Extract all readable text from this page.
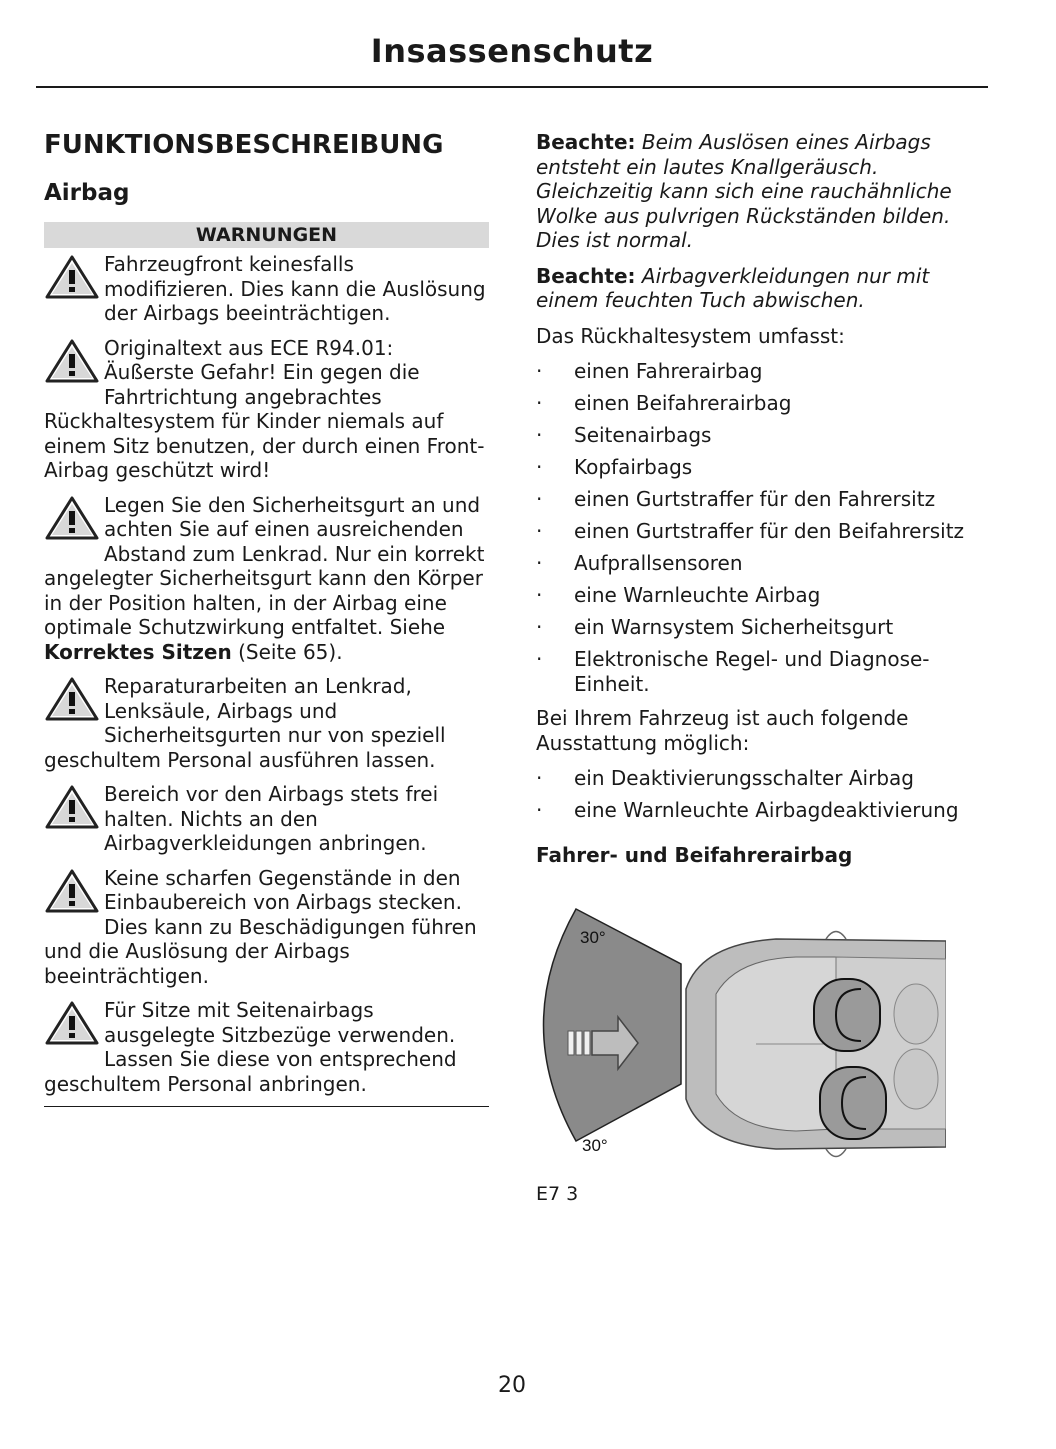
Insassenschutz
FUNKTIONSBESCHREIBUNG
Airbag
WARNUNGEN
Fahrzeugfront keinesfalls modifizieren. Dies kann die Auslösung der Airbags beeinträchtigen.
Originaltext aus ECE R94.01: Äußerste Gefahr! Ein gegen die Fahrtrichtung angebrachtes Rückhaltesystem für Kinder niemals auf einem Sitz benutzen, der durch einen Front-Airbag geschützt wird!
Legen Sie den Sicherheitsgurt an und achten Sie auf einen ausreichenden Abstand zum Lenkrad. Nur ein korrekt angelegter Sicherheitsgurt kann den Körper in der Position halten, in der Airbag eine optimale Schutzwirkung entfaltet. Siehe Korrektes Sitzen (Seite 65).
Reparaturarbeiten an Lenkrad, Lenksäule, Airbags und Sicherheitsgurten nur von speziell geschultem Personal ausführen lassen.
Bereich vor den Airbags stets frei halten. Nichts an den Airbagverkleidungen anbringen.
Keine scharfen Gegenstände in den Einbaubereich von Airbags stecken. Dies kann zu Beschädigungen führen und die Auslösung der Airbags beeinträchtigen.
Für Sitze mit Seitenairbags ausgelegte Sitzbezüge verwenden. Lassen Sie diese von entsprechend geschultem Personal anbringen.

Beachte: Beim Auslösen eines Airbags entsteht ein lautes Knallgeräusch. Gleichzeitig kann sich eine rauchähnliche Wolke aus pulvrigen Rückständen bilden. Dies ist normal.

Beachte: Airbagverkleidungen nur mit einem feuchten Tuch abwischen.

Das Rückhaltesystem umfasst:

· einen Fahrerairbag
· einen Beifahrerairbag
· Seitenairbags
· Kopfairbags
· einen Gurtstraffer für den Fahrersitz
· einen Gurtstraffer für den Beifahrersitz
· Aufprallsensoren
· eine Warnleuchte Airbag
· ein Warnsystem Sicherheitsgurt
· Elektronische Regel- und Diagnose-Einheit.

Bei Ihrem Fahrzeug ist auch folgende Ausstattung möglich:

· ein Deaktivierungsschalter Airbag
· eine Warnleuchte Airbagdeaktivierung
Fahrer- und Beifahrerairbag
30°
30°
E7 3
20
